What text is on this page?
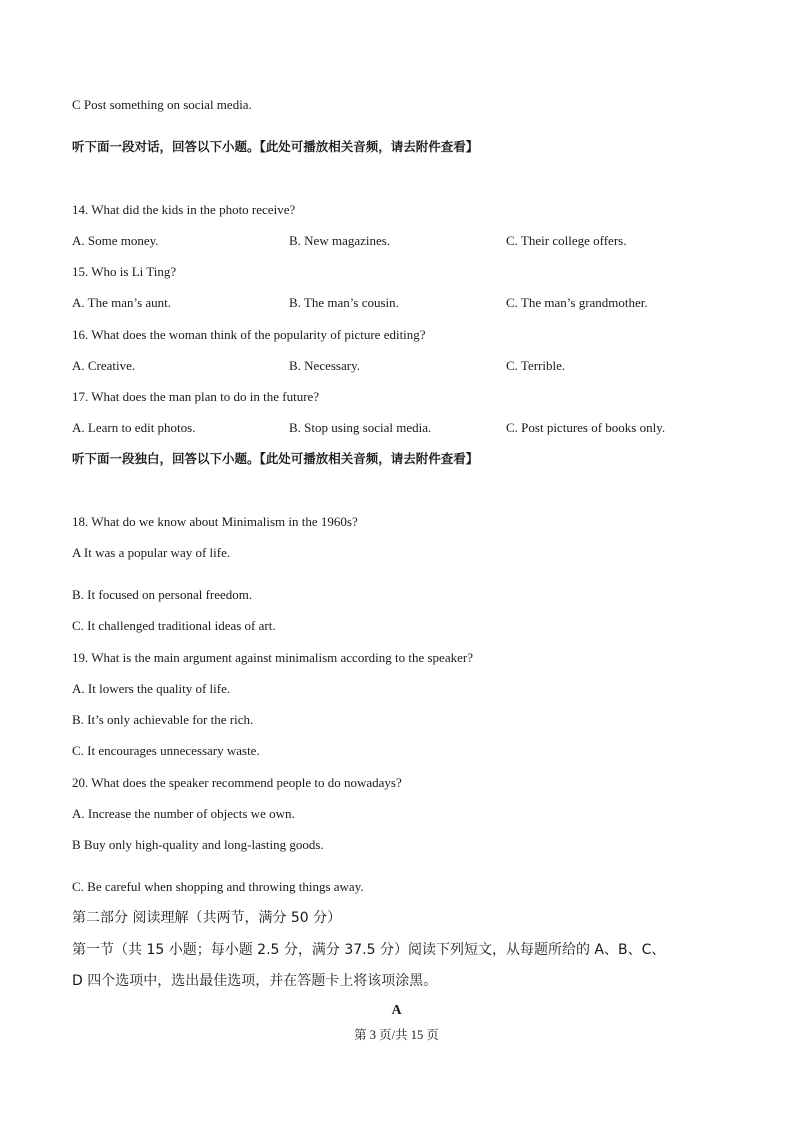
C Post something on social media.
听下面一段对话，回答以下小题。【此处可播放相关音频，请去附件查看】
14. What did the kids in the photo receive?
A. Some money.	B. New magazines.	C. Their college offers.
15. Who is Li Ting?
A. The man’s aunt.	B. The man’s cousin.	C. The man’s grandmother.
16. What does the woman think of the popularity of picture editing?
A. Creative.	B. Necessary.	C. Terrible.
17. What does the man plan to do in the future?
A. Learn to edit photos.	B. Stop using social media.	C. Post pictures of books only.
听下面一段独白，回答以下小题。【此处可播放相关音频，请去附件查看】
18. What do we know about Minimalism in the 1960s?
A It was a popular way of life.
B. It focused on personal freedom.
C. It challenged traditional ideas of art.
19. What is the main argument against minimalism according to the speaker?
A. It lowers the quality of life.
B. It’s only achievable for the rich.
C. It encourages unnecessary waste.
20. What does the speaker recommend people to do nowadays?
A. Increase the number of objects we own.
B Buy only high-quality and long-lasting goods.
C. Be careful when shopping and throwing things away.
第二部分 阅读理解（共两节，满分 50 分）
第一节（共 15 小题；每小题 2.5 分，满分 37.5 分）阅读下列短文，从每题所给的 A、B、C、
D 四个选项中，选出最佳选项，并在答题卡上将该项涂黑。
A
第 3 页/共 15 页
